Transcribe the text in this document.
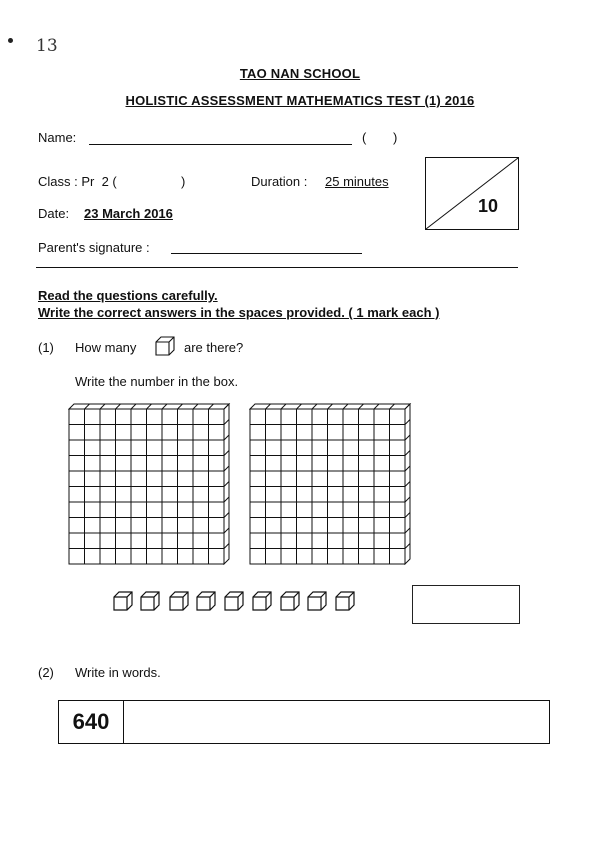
13
TAO NAN SCHOOL
HOLISTIC ASSESSMENT MATHEMATICS TEST (1) 2016
Name:	( )
Class : Pr  2 (	)	Duration : 25 minutes
Date: 23 March 2016
Parent's signature :
10
Read the questions carefully.
Write the correct answers in the spaces provided. ( 1 mark each )
(1) How many	are there?
Write the number in the box.
(2) Write in words.
640
